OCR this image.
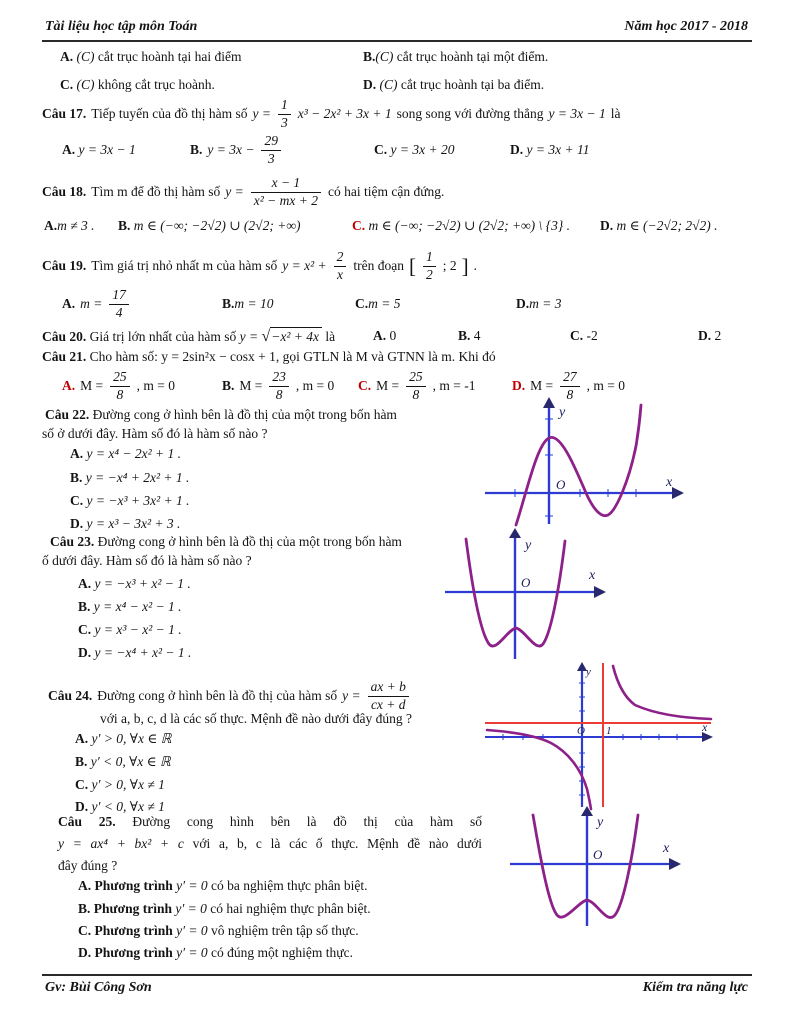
Tài liệu học tập môn Toán	Năm học 2017 - 2018
A. (C) cắt trục hoành tại hai điểm	B.(C) cắt trục hoành tại một điểm.
C. (C) không cắt trục hoành.	D. (C) cắt trục hoành tại ba điểm.
Câu 17. Tiếp tuyến của đồ thị hàm số $y = \frac{1}{3} x^3 - 2x^2 + 3x + 1$ song song với đường thẳng y = 3x − 1 là
A. y = 3x − 1	B. $y = 3x - \frac{29}{3}$	C. y = 3x + 20	D. y = 3x + 11
Câu 18. Tìm m để đồ thị hàm số $y = \frac{x - 1}{\text{x² − mx + 2}}$ có hai tiệm cận đứng.
A.m ≠ 3 . B. m ∈ (−∞; −2√2) ∪ (2√2; +∞)	C. m ∈ (−∞; −2√2) ∪ (2√2; +∞) \ {3} . D. m ∈ (−2√2; 2√2) .
Câu 19. Tìm giá trị nhỏ nhất m của hàm số $y = x^2 + \frac{2}{x}$ trên đoạn [ $\frac{1}{2}$ ; 2 ] .
A. $m = \frac{17}{4}$	B.m = 10	C.m = 5	D.m = 3
Câu 20. Giá trị lớn nhất của hàm số y = √−x² + 4x là	A. 0	B. 4	C. -2	D. 2
Câu 21. Cho hàm số: y = 2sin²x − cosx + 1, gọi GTLN là M và GTNN là m. Khi đó
A. $M = \frac{25}{8}$ , m = 0	B. $M = \frac{23}{8}$ , m = 0 C. $M = \frac{25}{8}$ , m = -1	D. $M = \frac{27}{8}$ , m = 0
Câu 22. Đường cong ở hình bên là đồ thị của một trong bốn hàm
số ở dưới đây. Hàm số đó là hàm số nào ?
A. y = x⁴ − 2x² + 1 .
B. y = −x⁴ + 2x² + 1 .
C. y = −x³ + 3x² + 1 .
D. y = x³ − 3x² + 3 .
y
x
O
Câu 23. Đường cong ở hình bên là đồ thị của một trong bốn hàm
ố dưới đây. Hàm số đó là hàm số nào ?
A. y = −x³ + x² − 1 .
B. y = x⁴ − x² − 1 .
C. y = x³ − x² − 1 .
D. y = −x⁴ + x² − 1 .
y
x
O
Câu 24. Đường cong ở hình bên là đồ thị của hàm số $y = \frac{ax + b}{cx + d}$
với a, b, c, d là các số thực. Mệnh đề nào dưới đây đúng ?
A. y′ > 0, ∀x ∈ ℝ
B. y′ < 0, ∀x ∈ ℝ
C. y′ > 0, ∀x ≠ 1
D. y′ < 0, ∀x ≠ 1
y
x
O 1
Câu 25. Đường cong hình bên là đồ thị của hàm số
y = ax⁴ + bx² + c với a, b, c là các ố thực. Mệnh đề nào dưới
đây đúng ?
A. Phương trình y′ = 0 có ba nghiệm thực phân biệt.
B. Phương trình y′ = 0 có hai nghiệm thực phân biệt.
C. Phương trình y′ = 0 vô nghiệm trên tập số thực.
D. Phương trình y′ = 0 có đúng một nghiệm thực.
y
x
O
Gv: Bùi Công Sơn	Kiểm tra năng lực
